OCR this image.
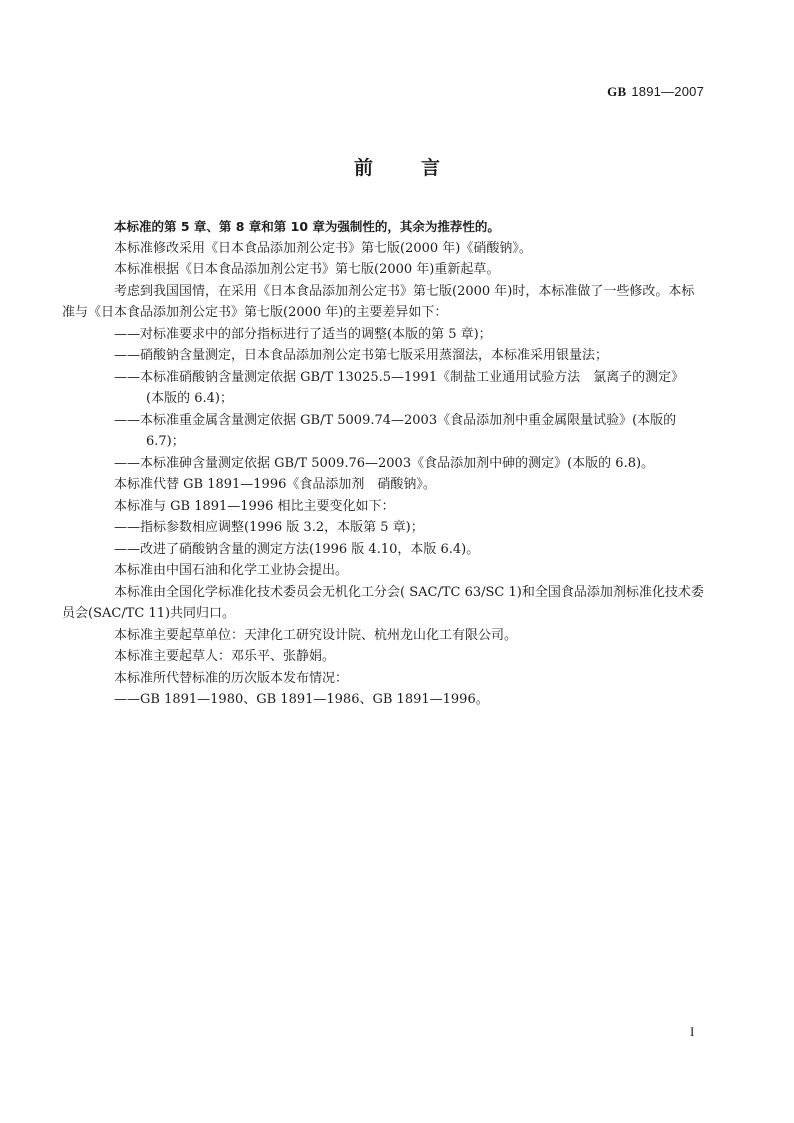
GB 1891—2007
前	言

本标准的第 5 章、第 8 章和第 10 章为强制性的，其余为推荐性的。

本标准修改采用《日本食品添加剂公定书》第七版(2000 年)《硝酸钠》。

本标准根据《日本食品添加剂公定书》第七版(2000 年)重新起草。

考虑到我国国情，在采用《日本食品添加剂公定书》第七版(2000 年)时，本标准做了一些修改。本标准与《日本食品添加剂公定书》第七版(2000 年)的主要差异如下：

—— 对标准要求中的部分指标进行了适当的调整(本版的第 5 章)；
—— 硝酸钠含量测定，日本食品添加剂公定书第七版采用蒸溜法，本标准采用银量法；
—— 本标准硝酸钠含量测定依据 GB/T 13025.5—1991《制盐工业通用试验方法　氯离子的测定》

(本版的 6.4)；

—— 本标准重金属含量测定依据 GB/T 5009.74—2003《食品添加剂中重金属限量试验》(本版的

6.7)；

—— 本标准砷含量测定依据 GB/T 5009.76—2003《食品添加剂中砷的测定》(本版的 6.8)。

本标准代替 GB 1891—1996《食品添加剂　硝酸钠》。

本标准与 GB 1891—1996 相比主要变化如下：

—— 指标参数相应调整(1996 版 3.2，本版第 5 章)；
—— 改进了硝酸钠含量的测定方法(1996 版 4.10，本版 6.4)。

本标准由中国石油和化学工业协会提出。

本标准由全国化学标准化技术委员会无机化工分会( SAC/TC 63/SC 1)和全国食品添加剂标准化技术委员会(SAC/TC 11)共同归口。

本标准主要起草单位：天津化工研究设计院、杭州龙山化工有限公司。

本标准主要起草人：邓乐平、张静娟。

本标准所代替标准的历次版本发布情况：

—— GB 1891—1980、GB 1891—1986、GB 1891—1996。
I
